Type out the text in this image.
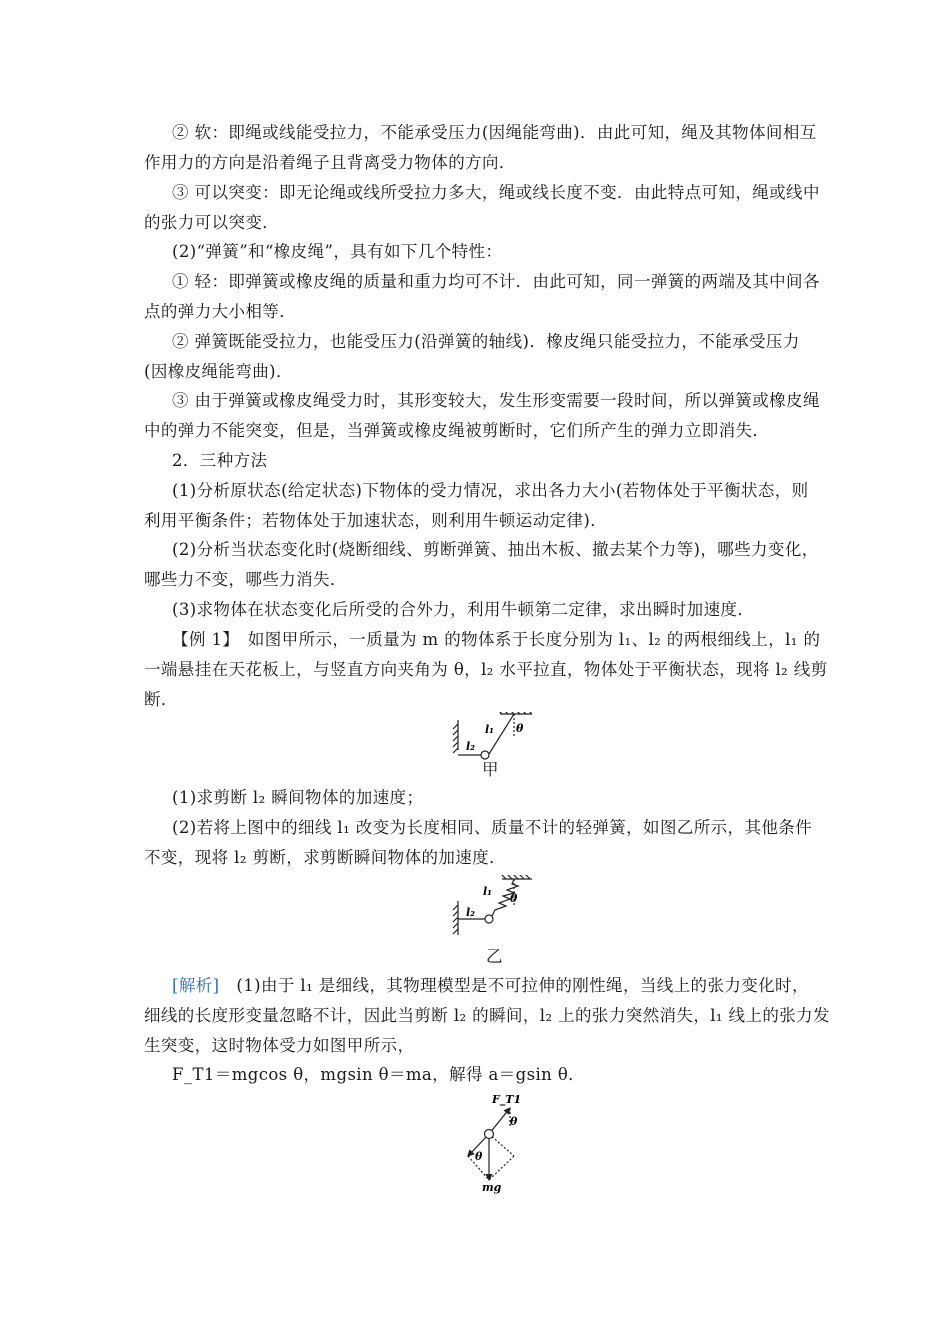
② 软：即绳或线能受拉力，不能承受压力(因绳能弯曲)．由此可知，绳及其物体间相互
作用力的方向是沿着绳子且背离受力物体的方向．
③ 可以突变：即无论绳或线所受拉力多大，绳或线长度不变．由此特点可知，绳或线中
的张力可以突变．
(2)“弹簧”和“橡皮绳”，具有如下几个特性：
① 轻：即弹簧或橡皮绳的质量和重力均可不计．由此可知，同一弹簧的两端及其中间各
点的弹力大小相等．
② 弹簧既能受拉力，也能受压力(沿弹簧的轴线)．橡皮绳只能受拉力，不能承受压力
(因橡皮绳能弯曲)．
③ 由于弹簧或橡皮绳受力时，其形变较大，发生形变需要一段时间，所以弹簧或橡皮绳
中的弹力不能突变，但是，当弹簧或橡皮绳被剪断时，它们所产生的弹力立即消失．
2．三种方法
(1)分析原状态(给定状态)下物体的受力情况，求出各力大小(若物体处于平衡状态，则
利用平衡条件；若物体处于加速状态，则利用牛顿运动定律)．
(2)分析当状态变化时(烧断细线、剪断弹簧、抽出木板、撤去某个力等)，哪些力变化，
哪些力不变，哪些力消失．
(3)求物体在状态变化后所受的合外力，利用牛顿第二定律，求出瞬时加速度．
【例 1】　如图甲所示，一质量为 m 的物体系于长度分别为 l₁、l₂ 的两根细线上，l₁ 的
一端悬挂在天花板上，与竖直方向夹角为 θ，l₂ 水平拉直，物体处于平衡状态，现将 l₂ 线剪
断．
l₁
l₂
θ
甲
(1)求剪断 l₂ 瞬间物体的加速度；
(2)若将上图中的细线 l₁ 改变为长度相同、质量不计的轻弹簧，如图乙所示，其他条件
不变，现将 l₂ 剪断，求剪断瞬间物体的加速度．
l₁
l₂
θ
乙
[解析]　(1)由于 l₁ 是细线，其物理模型是不可拉伸的刚性绳，当线上的张力变化时，
细线的长度形变量忽略不计，因此当剪断 l₂ 的瞬间，l₂ 上的张力突然消失，l₁ 线上的张力发
生突变，这时物体受力如图甲所示，
F_T1＝mgcos θ，mgsin θ＝ma，解得 a＝gsin θ．
F_T1
θ
θ
mg
